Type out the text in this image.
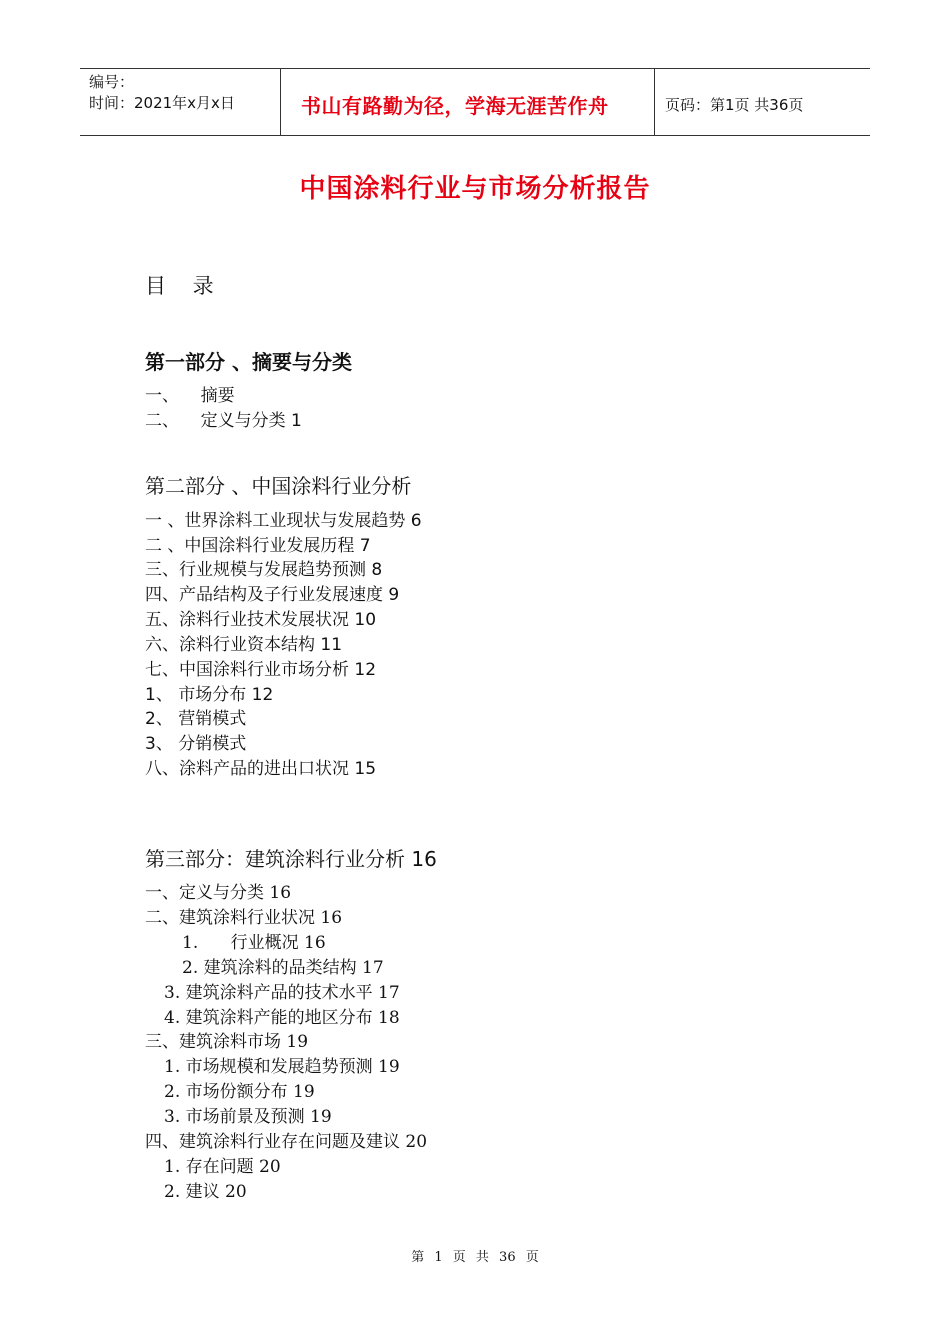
编号：
时间：2021年x月x日	书山有路勤为径，学海无涯苦作舟	页码：第1页 共36页
中国涂料行业与市场分析报告
目 录
第一部分 、摘要与分类
一、    摘要
二、    定义与分类 1
第二部分 、中国涂料行业分析
一 、世界涂料工业现状与发展趋势 6
二 、中国涂料行业发展历程 7
三、行业规模与发展趋势预测 8
四、产品结构及子行业发展速度 9
五、涂料行业技术发展状况 10
六、涂料行业资本结构 11
七、中国涂料行业市场分析 12
1、 市场分布 12
2、 营销模式
3、 分销模式
八、涂料产品的进出口状况 15
第三部分：建筑涂料行业分析 16
一、定义与分类 16
二、建筑涂料行业状况 16
1.      行业概况 16
2. 建筑涂料的品类结构 17
3. 建筑涂料产品的技术水平 17
4. 建筑涂料产能的地区分布 18
三、建筑涂料市场 19
1. 市场规模和发展趋势预测 19
2. 市场份额分布 19
3. 市场前景及预测 19
四、建筑涂料行业存在问题及建议 20
1. 存在问题 20
2. 建议 20
第 1 页 共 36 页
